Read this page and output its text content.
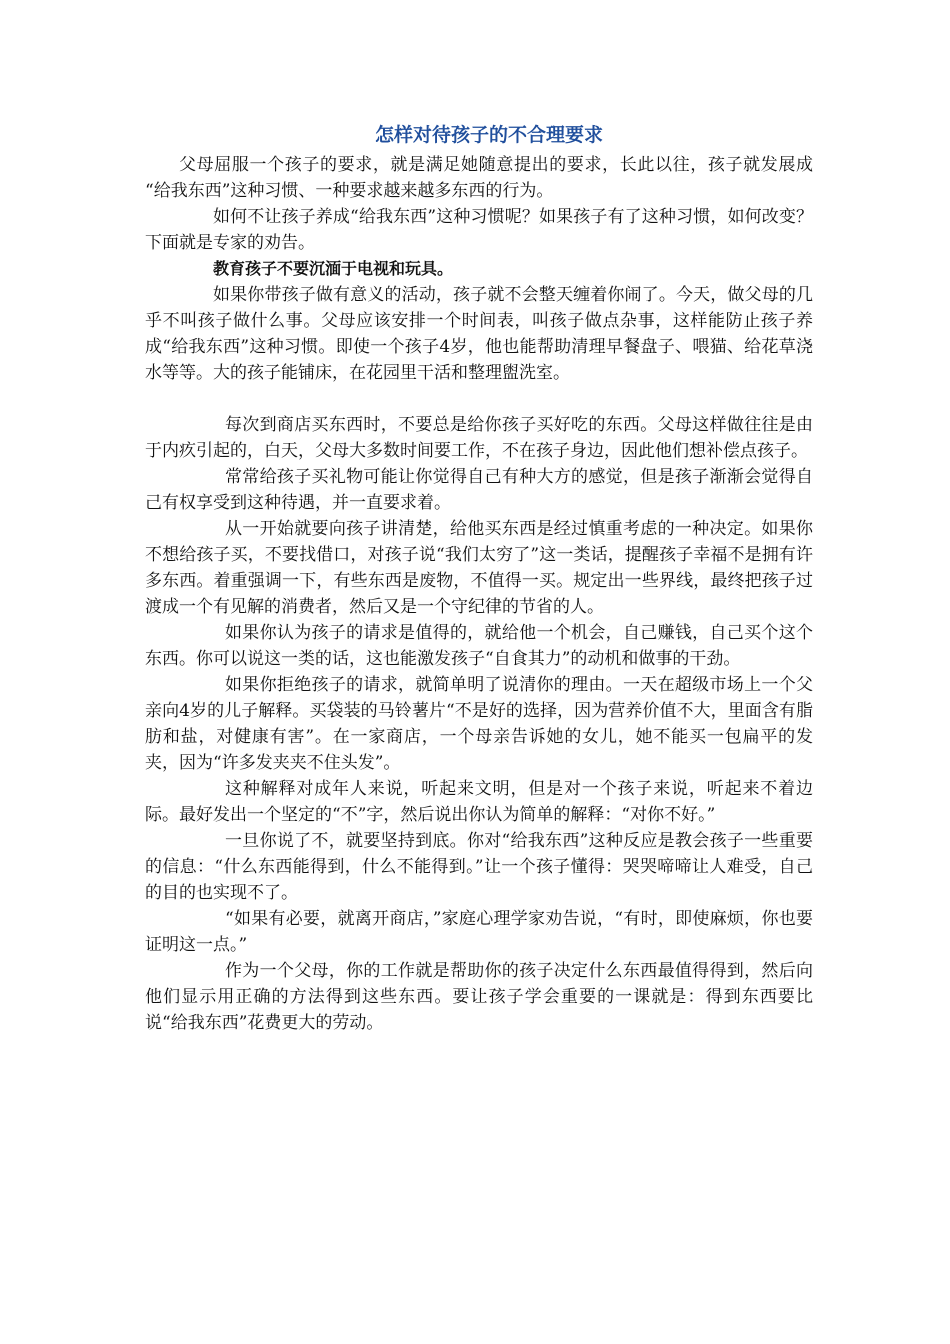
怎样对待孩子的不合理要求

父母屈服一个孩子的要求，就是满足她随意提出的要求，长此以往，孩子就发展成 “给我东西”这种习惯、一种要求越来越多东西的行为。

如何不让孩子养成“给我东西”这种习惯呢？如果孩子有了这种习惯，如何改变？下面就是专家的劝告。

教育孩子不要沉湎于电视和玩具。

如果你带孩子做有意义的活动，孩子就不会整天缠着你闹了。今天，做父母的几乎不叫孩子做什么事。父母应该安排一个时间表，叫孩子做点杂事，这样能防止孩子养成“给我东西”这种习惯。即使一个孩子4岁，他也能帮助清理早餐盘子、喂猫、给花草浇水等等。大的孩子能铺床，在花园里干活和整理盥洗室。

每次到商店买东西时，不要总是给你孩子买好吃的东西。父母这样做往往是由于内疚引起的，白天，父母大多数时间要工作，不在孩子身边，因此他们想补偿点孩子。

常常给孩子买礼物可能让你觉得自己有种大方的感觉，但是孩子渐渐会觉得自己有权享受到这种待遇，并一直要求着。

从一开始就要向孩子讲清楚，给他买东西是经过慎重考虑的一种决定。如果你不想给孩子买，不要找借口，对孩子说“我们太穷了”这一类话，提醒孩子幸福不是拥有许多东西。着重强调一下，有些东西是废物，不值得一买。规定出一些界线，最终把孩子过渡成一个有见解的消费者，然后又是一个守纪律的节省的人。

如果你认为孩子的请求是值得的，就给他一个机会，自己赚钱，自己买个这个东西。你可以说这一类的话，这也能激发孩子“自食其力”的动机和做事的干劲。

如果你拒绝孩子的请求，就简单明了说清你的理由。一天在超级市场上一个父亲向4岁的儿子解释。买袋装的马铃薯片“不是好的选择，因为营养价值不大，里面含有脂肪和盐，对健康有害”。在一家商店，一个母亲告诉她的女儿，她不能买一包扁平的发夹，因为“许多发夹夹不住头发”。

这种解释对成年人来说，听起来文明，但是对一个孩子来说，听起来不着边际。最好发出一个坚定的“不”字，然后说出你认为简单的解释：“对你不好。”

一旦你说了不，就要坚持到底。你对“给我东西”这种反应是教会孩子一些重要的信息：“什么东西能得到，什么不能得到。”让一个孩子懂得：哭哭啼啼让人难受，自己的目的也实现不了。

“如果有必要，就离开商店，”家庭心理学家劝告说，“有时，即使麻烦，你也要证明这一点。”

作为一个父母，你的工作就是帮助你的孩子决定什么东西最值得得到，然后向他们显示用正确的方法得到这些东西。要让孩子学会重要的一课就是：得到东西要比说“给我东西”花费更大的劳动。
